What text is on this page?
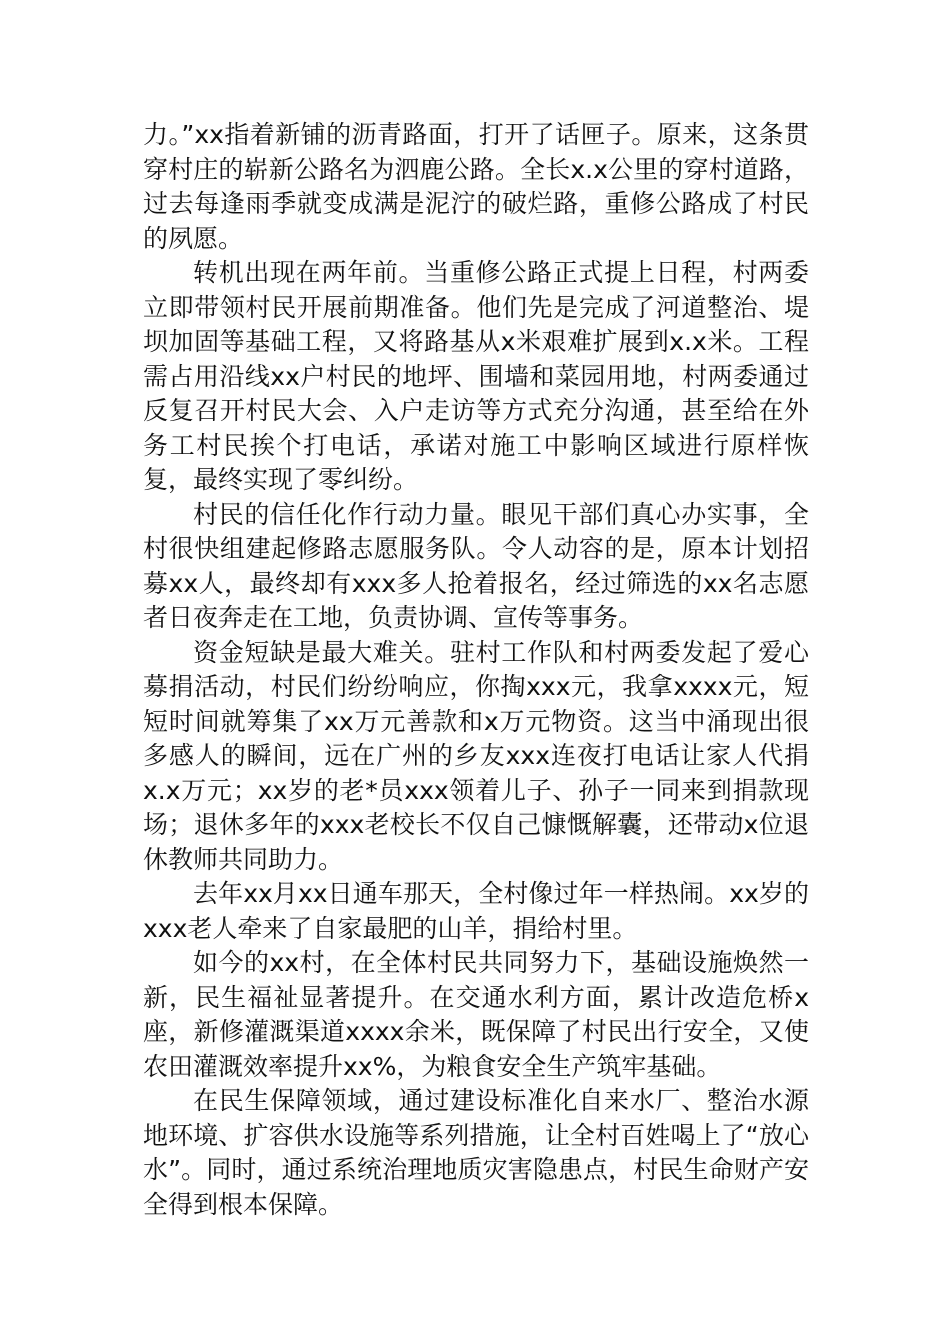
力。”xx指着新铺的沥青路面，打开了话匣子。原来，这条贯穿村庄的崭新公路名为泗鹿公路。全长x.x公里的穿村道路，过去每逢雨季就变成满是泥泞的破烂路，重修公路成了村民的夙愿。

转机出现在两年前。当重修公路正式提上日程，村两委立即带领村民开展前期准备。他们先是完成了河道整治、堤坝加固等基础工程，又将路基从x米艰难扩展到x.x米。工程需占用沿线xx户村民的地坪、围墙和菜园用地，村两委通过反复召开村民大会、入户走访等方式充分沟通，甚至给在外务工村民挨个打电话，承诺对施工中影响区域进行原样恢复，最终实现了零纠纷。

村民的信任化作行动力量。眼见干部们真心办实事，全村很快组建起修路志愿服务队。令人动容的是，原本计划招募xx人，最终却有xxx多人抢着报名，经过筛选的xx名志愿者日夜奔走在工地，负责协调、宣传等事务。

资金短缺是最大难关。驻村工作队和村两委发起了爱心募捐活动，村民们纷纷响应，你掏xxx元，我拿xxxx元，短短时间就筹集了xx万元善款和x万元物资。这当中涌现出很多感人的瞬间，远在广州的乡友xxx连夜打电话让家人代捐x.x万元；xx岁的老*员xxx领着儿子、孙子一同来到捐款现场；退休多年的xxx老校长不仅自己慷慨解囊，还带动x位退休教师共同助力。

去年xx月xx日通车那天，全村像过年一样热闹。xx岁的xxx老人牵来了自家最肥的山羊，捐给村里。

如今的xx村，在全体村民共同努力下，基础设施焕然一新，民生福祉显著提升。在交通水利方面，累计改造危桥x座，新修灌溉渠道xxxx余米，既保障了村民出行安全，又使农田灌溉效率提升xx%，为粮食安全生产筑牢基础。

在民生保障领域，通过建设标准化自来水厂、整治水源地环境、扩容供水设施等系列措施，让全村百姓喝上了“放心水”。同时，通过系统治理地质灾害隐患点，村民生命财产安全得到根本保障。
